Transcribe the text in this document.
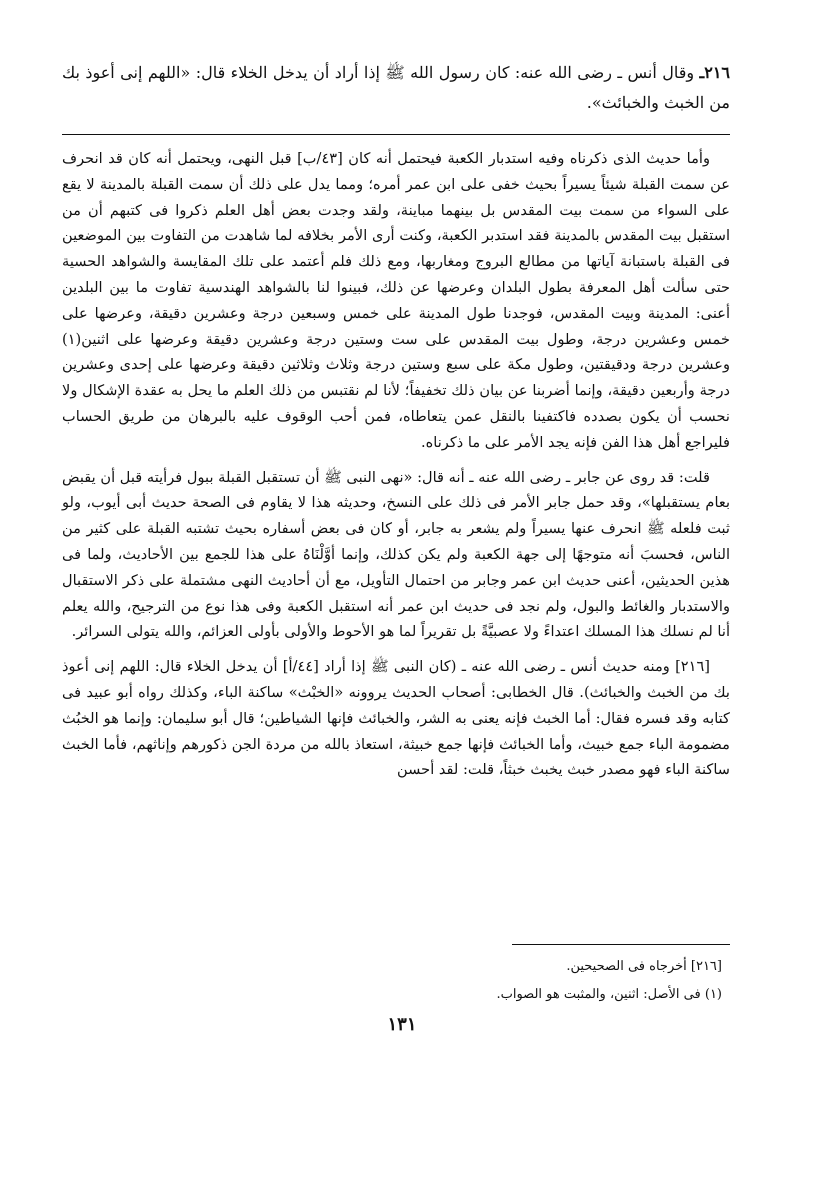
٢١٦ـ وقال أنس ـ رضى الله عنه: كان رسول الله ﷺ إذا أراد أن يدخل الخلاء قال: «اللهم إنى أعوذ بك من الخبث والخبائث».

وأما حديث الذى ذكرناه وفيه استدبار الكعبة فيحتمل أنه كان [٤٣/ب] قبل النهى، ويحتمل أنه كان قد انحرف عن سمت القبلة شيئاً يسيراً بحيث خفى على ابن عمر أمره؛ ومما يدل على ذلك أن سمت القبلة بالمدينة لا يقع على السواء من سمت بيت المقدس بل بينهما مباينة، ولقد وجدت بعض أهل العلم ذكروا فى كتبهم أن من استقبل بيت المقدس بالمدينة فقد استدبر الكعبة، وكنت أرى الأمر بخلافه لما شاهدت من التفاوت بين الموضعين فى القبلة باستبانة آياتها من مطالع البروج ومغاربها، ومع ذلك فلم أعتمد على تلك المقايسة والشواهد الحسية حتى سألت أهل المعرفة بطول البلدان وعرضها عن ذلك، فبينوا لنا بالشواهد الهندسية تفاوت ما بين البلدين أعنى: المدينة وبيت المقدس، فوجدنا طول المدينة على خمس وسبعين درجة وعشرين دقيقة، وعرضها على خمس وعشرين درجة، وطول بيت المقدس على ست وستين درجة وعشرين دقيقة وعرضها على اثنين(١) وعشرين درجة ودقيقتين، وطول مكة على سبع وستين درجة وثلاث وثلاثين دقيقة وعرضها على إحدى وعشرين درجة وأربعين دقيقة، وإنما أضربنا عن بيان ذلك تخفيفاً؛ لأنا لم نقتبس من ذلك العلم ما يحل به عقدة الإشكال ولا نحسب أن يكون بصدده فاكتفينا بالنقل عمن يتعاطاه، فمن أحب الوقوف عليه بالبرهان من طريق الحساب فليراجع أهل هذا الفن فإنه يجد الأمر على ما ذكرناه.

قلت: قد روى عن جابر ـ رضى الله عنه ـ أنه قال: «نهى النبى ﷺ أن تستقبل القبلة ببول فرأيته قبل أن يقبض بعام يستقبلها»، وقد حمل جابر الأمر فى ذلك على النسخ، وحديثه هذا لا يقاوم فى الصحة حديث أبى أيوب، ولو ثبت فلعله ﷺ انحرف عنها يسيراً ولم يشعر به جابر، أو كان فى بعض أسفاره بحيث تشتبه القبلة على كثير من الناس، فحسبَ أنه متوجهًا إلى جهة الكعبة ولم يكن كذلك، وإنما أوَّلْنَاهُ على هذا للجمع بين الأحاديث، ولما فى هذين الحديثين، أعنى حديث ابن عمر وجابر من احتمال التأويل، مع أن أحاديث النهى مشتملة على ذكر الاستقبال والاستدبار والغائط والبول، ولم نجد فى حديث ابن عمر أنه استقبل الكعبة وفى هذا نوع من الترجيح، والله يعلم أنا لم نسلك هذا المسلك اعتداءً ولا عصبيَّةً بل تقريراً لما هو الأحوط والأولى بأولى العزائم، والله يتولى السرائر.

[٢١٦] ومنه حديث أنس ـ رضى الله عنه ـ (كان النبى ﷺ إذا أراد [٤٤/أ] أن يدخل الخلاء قال: اللهم إنى أعوذ بك من الخبث والخبائث). قال الخطابى: أصحاب الحديث يروونه «الخبْث» ساكنة الباء، وكذلك رواه أبو عبيد فى كتابه وقد فسره فقال: أما الخبث فإنه يعنى به الشر، والخبائث فإنها الشياطين؛ قال أبو سليمان: وإنما هو الخبُث مضمومة الباء جمع خبيث، وأما الخبائث فإنها جمع خبيثة، استعاذ بالله من مردة الجن ذكورهم وإناثهم، فأما الخبث ساكنة الباء فهو مصدر خبث يخبث خبثاً، قلت: لقد أحسن

[٢١٦] أخرجاه فى الصحيحين.

(١) فى الأصل: اثنين، والمثبت هو الصواب.

١٣١
